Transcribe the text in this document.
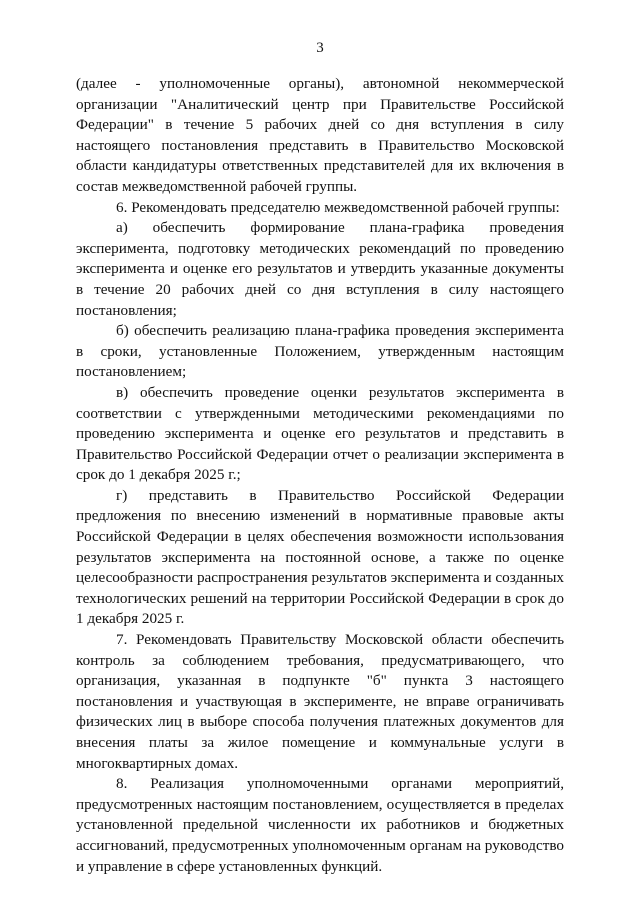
3

(далее - уполномоченные органы), автономной некоммерческой организации "Аналитический центр при Правительстве Российской Федерации" в течение 5 рабочих дней со дня вступления в силу настоящего постановления представить в Правительство Московской области кандидатуры ответственных представителей для их включения в состав межведомственной рабочей группы.

6. Рекомендовать председателю межведомственной рабочей группы:

а) обеспечить формирование плана-графика проведения эксперимента, подготовку методических рекомендаций по проведению эксперимента и оценке его результатов и утвердить указанные документы в течение 20 рабочих дней со дня вступления в силу настоящего постановления;

б) обеспечить реализацию плана-графика проведения эксперимента в сроки, установленные Положением, утвержденным настоящим постановлением;

в) обеспечить проведение оценки результатов эксперимента в соответствии с утвержденными методическими рекомендациями по проведению эксперимента и оценке его результатов и представить в Правительство Российской Федерации отчет о реализации эксперимента в срок до 1 декабря 2025 г.;

г) представить в Правительство Российской Федерации предложения по внесению изменений в нормативные правовые акты Российской Федерации в целях обеспечения возможности использования результатов эксперимента на постоянной основе, а также по оценке целесообразности распространения результатов эксперимента и созданных технологических решений на территории Российской Федерации в срок до 1 декабря 2025 г.

7. Рекомендовать Правительству Московской области обеспечить контроль за соблюдением требования, предусматривающего, что организация, указанная в подпункте "б" пункта 3 настоящего постановления и участвующая в эксперименте, не вправе ограничивать физических лиц в выборе способа получения платежных документов для внесения платы за жилое помещение и коммунальные услуги в многоквартирных домах.

8. Реализация уполномоченными органами мероприятий, предусмотренных настоящим постановлением, осуществляется в пределах установленной предельной численности их работников и бюджетных ассигнований, предусмотренных уполномоченным органам на руководство и управление в сфере установленных функций.
